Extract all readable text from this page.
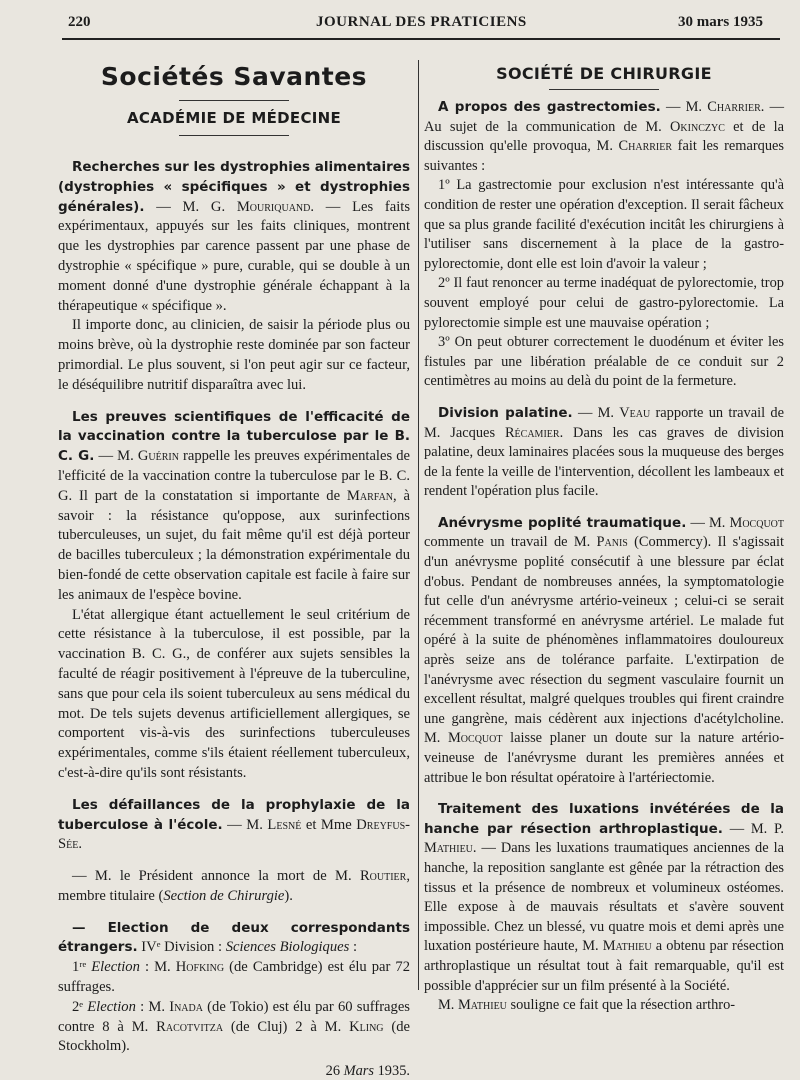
220	JOURNAL DES PRATICIENS	30 mars 1935
Sociétés Savantes
ACADÉMIE DE MÉDECINE

Recherches sur les dystrophies alimentaires (dystrophies « spécifiques » et dystrophies générales). — M. G. Mouriquand. — Les faits expérimentaux, appuyés sur les faits cliniques, montrent que les dystrophies par carence passent par une phase de dystrophie « spécifique » pure, curable, qui se double à un moment donné d'une dystrophie générale échappant à la thérapeutique « spécifique ».

Il importe donc, au clinicien, de saisir la période plus ou moins brève, où la dystrophie reste dominée par son facteur primordial. Le plus souvent, si l'on peut agir sur ce facteur, le déséquilibre nutritif disparaîtra avec lui.

Les preuves scientifiques de l'efficacité de la vaccination contre la tuberculose par le B. C. G. — M. Guérin rappelle les preuves expérimentales de l'efficité de la vaccination contre la tuberculose par le B. C. G. Il part de la constatation si importante de Marfan, à savoir : la résistance qu'oppose, aux surinfections tuberculeuses, un sujet, du fait même qu'il est déjà porteur de bacilles tuberculeux ; la démonstration expérimentale du bien-fondé de cette observation capitale est facile à faire sur les animaux de l'espèce bovine.

L'état allergique étant actuellement le seul critérium de cette résistance à la tuberculose, il est possible, par la vaccination B. C. G., de conférer aux sujets sensibles la faculté de réagir positivement à l'épreuve de la tuberculine, sans que pour cela ils soient tuberculeux au sens médical du mot. De tels sujets devenus artificiellement allergiques, se comportent vis-à-vis des surinfections tuberculeuses expérimentales, comme s'ils étaient réellement tuberculeux, c'est-à-dire qu'ils sont résistants.

Les défaillances de la prophylaxie de la tuberculose à l'école. — M. Lesné et Mme Dreyfus-Sée.

— M. le Président annonce la mort de M. Routier, membre titulaire (Section de Chirurgie).

— Election de deux correspondants étrangers. IVᵉ Division : Sciences Biologiques :

1ʳᵉ Election : M. Hofking (de Cambridge) est élu par 72 suffrages.

2ᵉ Election : M. Inada (de Tokio) est élu par 60 suffrages contre 8 à M. Racotvitza (de Cluj) 2 à M. Kling (de Stockholm).

26 Mars 1935.
SOCIÉTÉ DE CHIRURGIE

A propos des gastrectomies. — M. Charrier. — Au sujet de la communication de M. Okinczyc et de la discussion qu'elle provoqua, M. Charrier fait les remarques suivantes :

1º La gastrectomie pour exclusion n'est intéressante qu'à condition de rester une opération d'exception. Il serait fâcheux que sa plus grande facilité d'exécution incitât les chirurgiens à l'utiliser sans discernement à la place de la gastro-pylorectomie, dont elle est loin d'avoir la valeur ;

2º Il faut renoncer au terme inadéquat de pylorectomie, trop souvent employé pour celui de gastro-pylorectomie. La pylorectomie simple est une mauvaise opération ;

3º On peut obturer correctement le duodénum et éviter les fistules par une libération préalable de ce conduit sur 2 centimètres au moins au delà du point de la fermeture.

Division palatine. — M. Veau rapporte un travail de M. Jacques Récamier. Dans les cas graves de division palatine, deux laminaires placées sous la muqueuse des berges de la fente la veille de l'intervention, décollent les lambeaux et rendent l'opération plus facile.

Anévrysme poplité traumatique. — M. Mocquot commente un travail de M. Panis (Commercy). Il s'agissait d'un anévrysme poplité consécutif à une blessure par éclat d'obus. Pendant de nombreuses années, la symptomatologie fut celle d'un anévrysme artério-veineux ; celui-ci se serait récemment transformé en anévrysme artériel. Le malade fut opéré à la suite de phénomènes inflammatoires douloureux après seize ans de tolérance parfaite. L'extirpation de l'anévrysme avec résection du segment vasculaire fournit un excellent résultat, malgré quelques troubles qui firent craindre une gangrène, mais cédèrent aux injections d'acétylcholine. M. Mocquot laisse planer un doute sur la nature artério-veineuse de l'anévrysme durant les premières années et attribue le bon résultat opératoire à l'artériectomie.

Traitement des luxations invétérées de la hanche par résection arthroplastique. — M. P. Mathieu. — Dans les luxations traumatiques anciennes de la hanche, la reposition sanglante est gênée par la rétraction des tissus et la présence de nombreux et volumineux ostéomes. Elle expose à de mauvais résultats et s'avère souvent impossible. Chez un blessé, vu quatre mois et demi après une luxation postérieure haute, M. Mathieu a obtenu par résection arthroplastique un résultat tout à fait remarquable, qu'il est possible d'apprécier sur un film présenté à la Société.

M. Mathieu souligne ce fait que la résection arthro-
